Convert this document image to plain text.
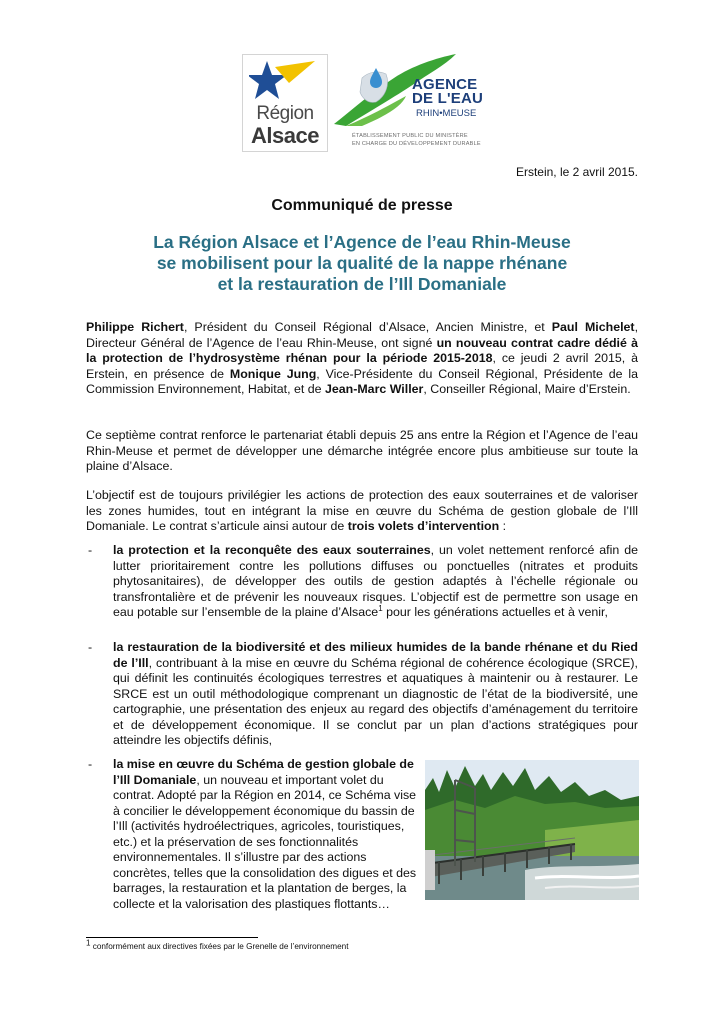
Région
Alsace
AGENCE
DE L'EAU
RHIN•MEUSE
ÉTABLISSEMENT PUBLIC DU MINISTÈRE
EN CHARGE DU DÉVELOPPEMENT DURABLE
Erstein, le 2 avril 2015.
Communiqué de presse
La Région Alsace et l’Agence de l’eau Rhin-Meuse
se mobilisent pour la qualité de la nappe rhénane
et la restauration de l’Ill Domaniale

Philippe Richert, Président du Conseil Régional d’Alsace, Ancien Ministre, et Paul Michelet, Directeur Général de l’Agence de l’eau Rhin-Meuse, ont signé un nouveau contrat cadre dédié à la protection de l’hydrosystème rhénan pour la période 2015-2018, ce jeudi 2 avril 2015, à Erstein, en présence de Monique Jung, Vice-Présidente du Conseil Régional, Présidente de la Commission Environnement, Habitat, et de Jean-Marc Willer, Conseiller Régional, Maire d’Erstein.

Ce septième contrat renforce le partenariat établi depuis 25 ans entre la Région et l’Agence de l’eau Rhin-Meuse et permet de développer une démarche intégrée encore plus ambitieuse sur toute la plaine d’Alsace.

L’objectif est de toujours privilégier les actions de protection des eaux souterraines et de valoriser les zones humides, tout en intégrant la mise en œuvre du Schéma de gestion globale de l’Ill Domaniale. Le contrat s’articule ainsi autour de trois volets d’intervention :

- la protection et la reconquête des eaux souterraines, un volet nettement renforcé afin de lutter prioritairement contre les pollutions diffuses ou ponctuelles (nitrates et produits phytosanitaires), de développer des outils de gestion adaptés à l’échelle régionale ou transfrontalière et de prévenir les nouveaux risques. L’objectif est de permettre son usage en eau potable sur l’ensemble de la plaine d’Alsace$^1$ pour les générations actuelles et à venir,

- la restauration de la biodiversité et des milieux humides de la bande rhénane et du Ried de l’Ill, contribuant à la mise en œuvre du Schéma régional de cohérence écologique (SRCE), qui définit les continuités écologiques terrestres et aquatiques à maintenir ou à restaurer. Le SRCE est un outil méthodologique comprenant un diagnostic de l’état de la biodiversité, une cartographie, une présentation des enjeux au regard des objectifs d’aménagement du territoire et de développement économique. Il se conclut par un plan d’actions stratégiques pour atteindre les objectifs définis,

- la mise en œuvre du Schéma de gestion globale de l’Ill Domaniale, un nouveau et important volet du contrat. Adopté par la Région en 2014, ce Schéma vise à concilier le développement économique du bassin de l’Ill (activités hydroélectriques, agricoles, touristiques, etc.) et la préservation de ses fonctionnalités environnementales. Il s’illustre par des actions concrètes, telles que la consolidation des digues et des barrages, la restauration et la plantation de berges, la collecte et la valorisation des plastiques flottants…

$^1$ conformément aux directives fixées par le Grenelle de l’environnement
